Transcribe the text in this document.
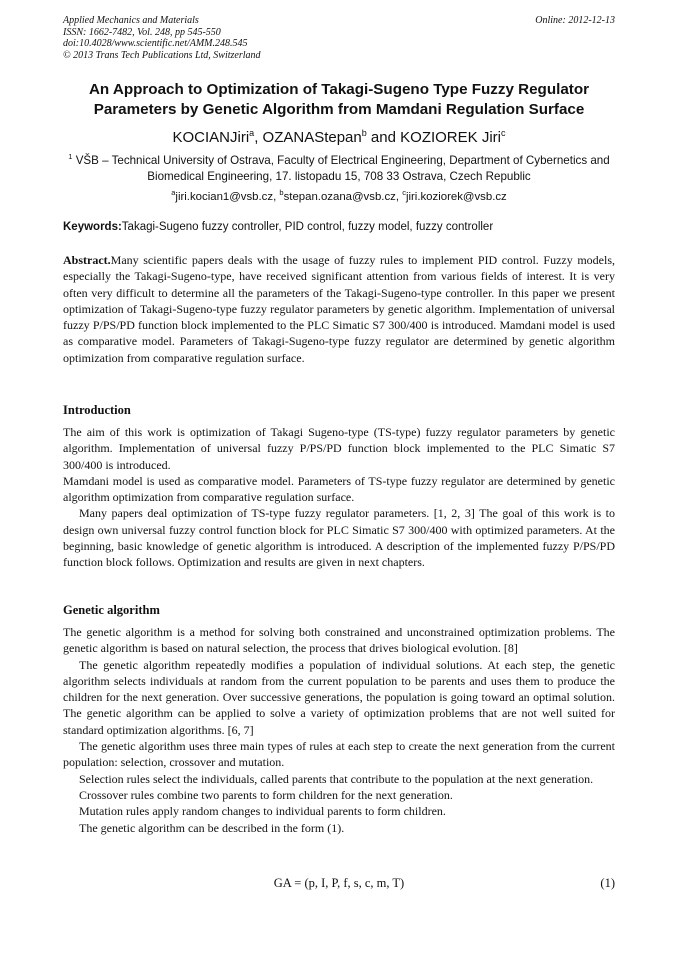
Applied Mechanics and Materials
ISSN: 1662-7482, Vol. 248, pp 545-550
doi:10.4028/www.scientific.net/AMM.248.545
© 2013 Trans Tech Publications Ltd, Switzerland
Online: 2012-12-13
An Approach to Optimization of Takagi-Sugeno Type Fuzzy Regulator Parameters by Genetic Algorithm from Mamdani Regulation Surface
KOCIANJiri$^a$, OZANAStepan$^b$ and KOZIOREK Jiri$^c$
$^1$ VŠB – Technical University of Ostrava, Faculty of Electrical Engineering, Department of Cybernetics and Biomedical Engineering, 17. listopadu 15, 708 33 Ostrava, Czech Republic
$^a$jiri.kocian1@vsb.cz, $^b$stepan.ozana@vsb.cz, $^c$jiri.koziorek@vsb.cz
Keywords:Takagi-Sugeno fuzzy controller, PID control, fuzzy model, fuzzy controller
Abstract.Many scientific papers deals with the usage of fuzzy rules to implement PID control. Fuzzy models, especially the Takagi-Sugeno-type, have received significant attention from various fields of interest. It is very often very difficult to determine all the parameters of the Takagi-Sugeno-type controller. In this paper we present optimization of Takagi-Sugeno-type fuzzy regulator parameters by genetic algorithm. Implementation of universal fuzzy P/PS/PD function block implemented to the PLC Simatic S7 300/400 is introduced. Mamdani model is used as comparative model. Parameters of Takagi-Sugeno-type fuzzy regulator are determined by genetic algorithm optimization from comparative regulation surface.
Introduction

The aim of this work is optimization of Takagi Sugeno-type (TS-type) fuzzy regulator parameters by genetic algorithm. Implementation of universal fuzzy P/PS/PD function block implemented to the PLC Simatic S7 300/400 is introduced.

Mamdani model is used as comparative model. Parameters of TS-type fuzzy regulator are determined by genetic algorithm optimization from comparative regulation surface.

Many papers deal optimization of TS-type fuzzy regulator parameters. [1, 2, 3] The goal of this work is to design own universal fuzzy control function block for PLC Simatic S7 300/400 with optimized parameters. At the beginning, basic knowledge of genetic algorithm is introduced. A description of the implemented fuzzy P/PS/PD function block follows. Optimization and results are given in next chapters.

Genetic algorithm

The genetic algorithm is a method for solving both constrained and unconstrained optimization problems. The genetic algorithm is based on natural selection, the process that drives biological evolution. [8]

The genetic algorithm repeatedly modifies a population of individual solutions. At each step, the genetic algorithm selects individuals at random from the current population to be parents and uses them to produce the children for the next generation. Over successive generations, the population is going toward an optimal solution. The genetic algorithm can be applied to solve a variety of optimization problems that are not well suited for standard optimization algorithms. [6, 7]

The genetic algorithm uses three main types of rules at each step to create the next generation from the current population: selection, crossover and mutation.

Selection rules select the individuals, called parents that contribute to the population at the next generation.

Crossover rules combine two parents to form children for the next generation.

Mutation rules apply random changes to individual parents to form children.

The genetic algorithm can be described in the form (1).

GA = (p, I, P, f, s, c, m, T)	(1)
